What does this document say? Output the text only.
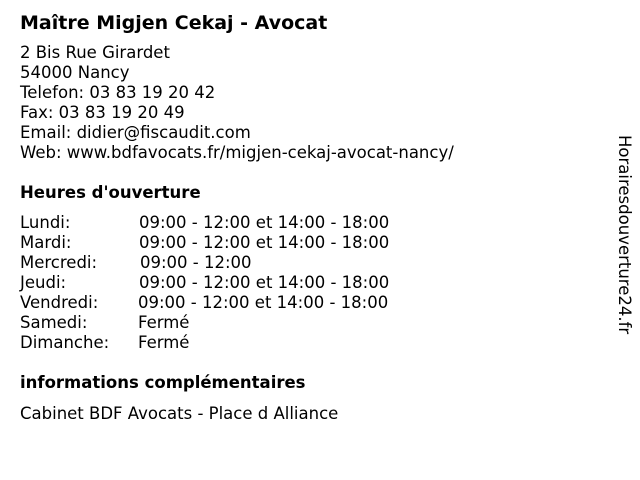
Maître Migjen Cekaj - Avocat
2 Bis Rue Girardet
54000 Nancy
Telefon: 03 83 19 20 42
Fax: 03 83 19 20 49
Email: didier@fiscaudit.com
Web: www.bdfavocats.fr/migjen-cekaj-avocat-nancy/
Heures d'ouverture
Lundi:	09:00 - 12:00 et 14:00 - 18:00
Mardi:	09:00 - 12:00 et 14:00 - 18:00
Mercredi:	09:00 - 12:00
Jeudi:	09:00 - 12:00 et 14:00 - 18:00
Vendredi: 09:00 - 12:00 et 14:00 - 18:00
Samedi:	Fermé
Dimanche: Fermé
informations complémentaires
Cabinet BDF Avocats - Place d Alliance
Horairesdouverture24.fr
